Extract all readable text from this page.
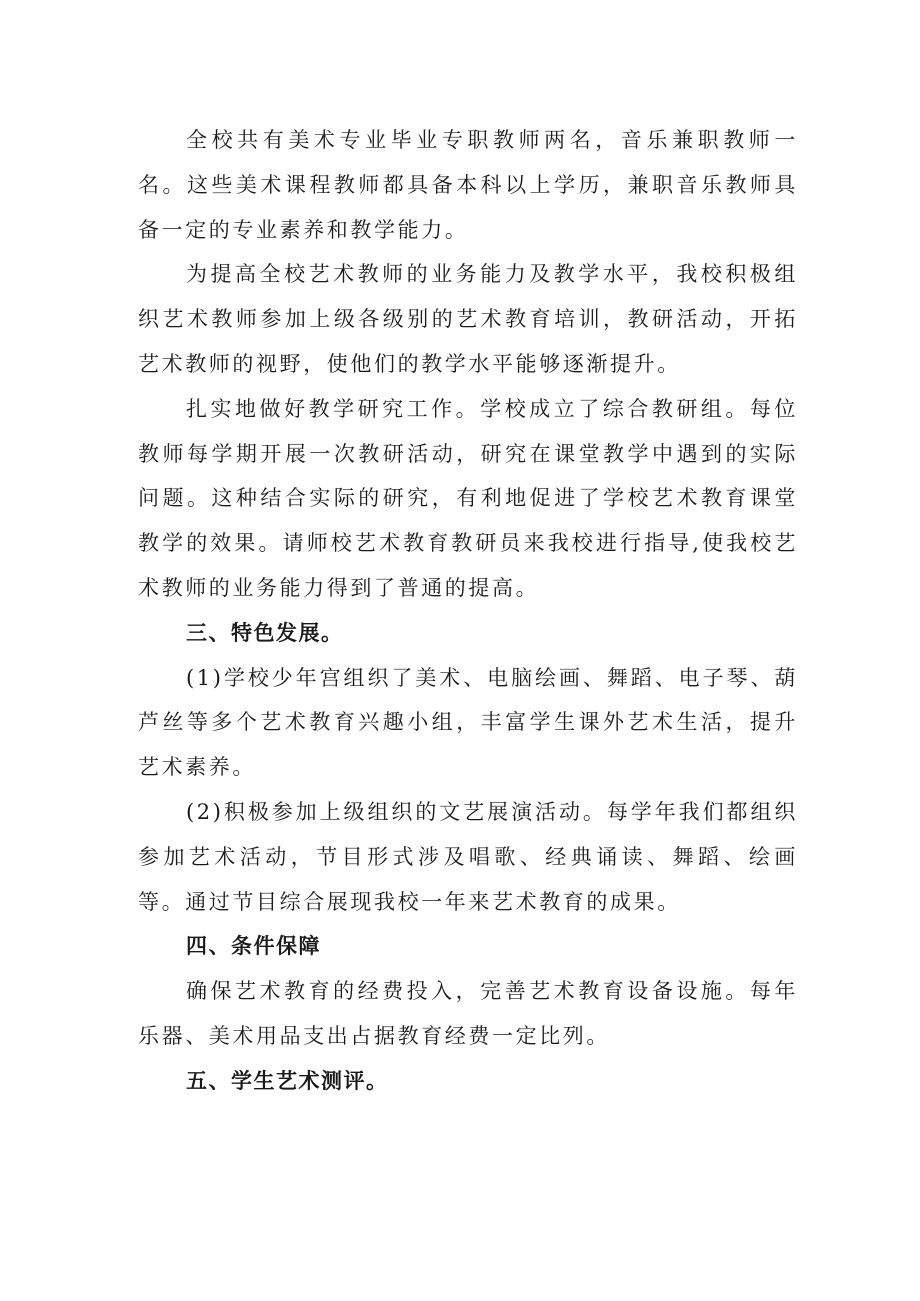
全校共有美术专业毕业专职教师两名，音乐兼职教师一名。这些美术课程教师都具备本科以上学历，兼职音乐教师具备一定的专业素养和教学能力。

为提高全校艺术教师的业务能力及教学水平，我校积极组织艺术教师参加上级各级别的艺术教育培训，教研活动，开拓艺术教师的视野，使他们的教学水平能够逐渐提升。

扎实地做好教学研究工作。学校成立了综合教研组。每位教师每学期开展一次教研活动，研究在课堂教学中遇到的实际问题。这种结合实际的研究，有利地促进了学校艺术教育课堂教学的效果。请师校艺术教育教研员来我校进行指导,使我校艺术教师的业务能力得到了普通的提高。

三、特色发展。

(1)学校少年宫组织了美术、电脑绘画、舞蹈、电子琴、葫芦丝等多个艺术教育兴趣小组，丰富学生课外艺术生活，提升艺术素养。

(2)积极参加上级组织的文艺展演活动。每学年我们都组织参加艺术活动，节目形式涉及唱歌、经典诵读、舞蹈、绘画等。通过节目综合展现我校一年来艺术教育的成果。

四、条件保障

确保艺术教育的经费投入，完善艺术教育设备设施。每年乐器、美术用品支出占据教育经费一定比列。

五、学生艺术测评。
